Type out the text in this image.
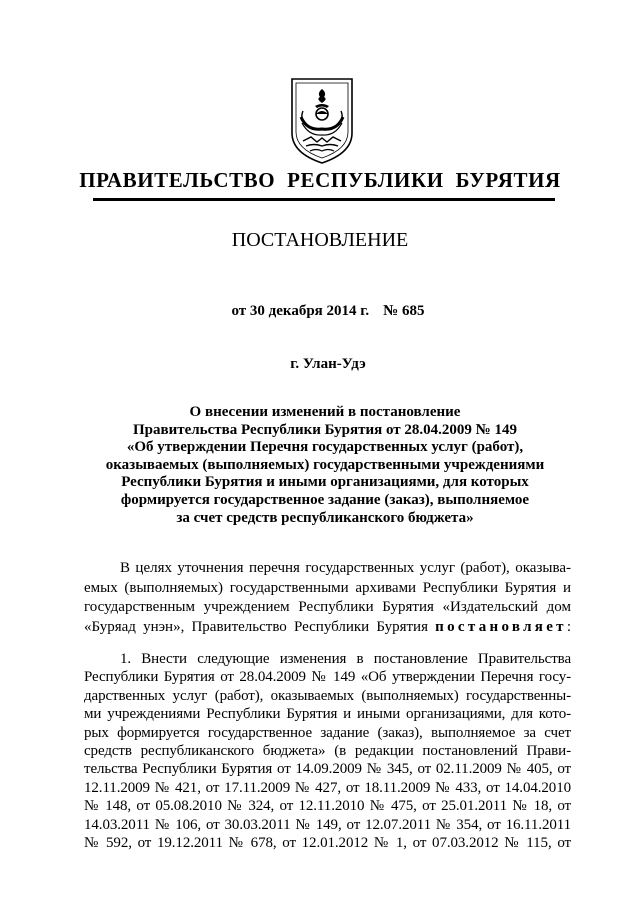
ПРАВИТЕЛЬСТВО РЕСПУБЛИКИ БУРЯТИЯ
ПОСТАНОВЛЕНИЕ
от 30 декабря 2014 г. № 685
г. Улан-Удэ
О внесении изменений в постановление
Правительства Республики Бурятия от 28.04.2009 № 149
«Об утверждении Перечня государственных услуг (работ),
оказываемых (выполняемых) государственными учреждениями
Республики Бурятия и иными организациями, для которых
формируется государственное задание (заказ), выполняемое
за счет средств республиканского бюджета»
В целях уточнения перечня государственных услуг (работ), оказыва-
емых (выполняемых) государственными архивами Республики Бурятия и
государственным учреждением Республики Бурятия «Издательский дом
«Буряад унэн», Правительство Республики Бурятия постановляет:
1. Внести следующие изменения в постановление Правительства
Республики Бурятия от 28.04.2009 № 149 «Об утверждении Перечня госу-
дарственных услуг (работ), оказываемых (выполняемых) государственны-
ми учреждениями Республики Бурятия и иными организациями, для кото-
рых формируется государственное задание (заказ), выполняемое за счет
средств республиканского бюджета» (в редакции постановлений Прави-
тельства Республики Бурятия от 14.09.2009 № 345, от 02.11.2009 № 405, от
12.11.2009 № 421, от 17.11.2009 № 427, от 18.11.2009 № 433, от 14.04.2010
№ 148, от 05.08.2010 № 324, от 12.11.2010 № 475, от 25.01.2011 № 18, от
14.03.2011 № 106, от 30.03.2011 № 149, от 12.07.2011 № 354, от 16.11.2011
№ 592, от 19.12.2011 № 678, от 12.01.2012 № 1, от 07.03.2012 № 115, от
